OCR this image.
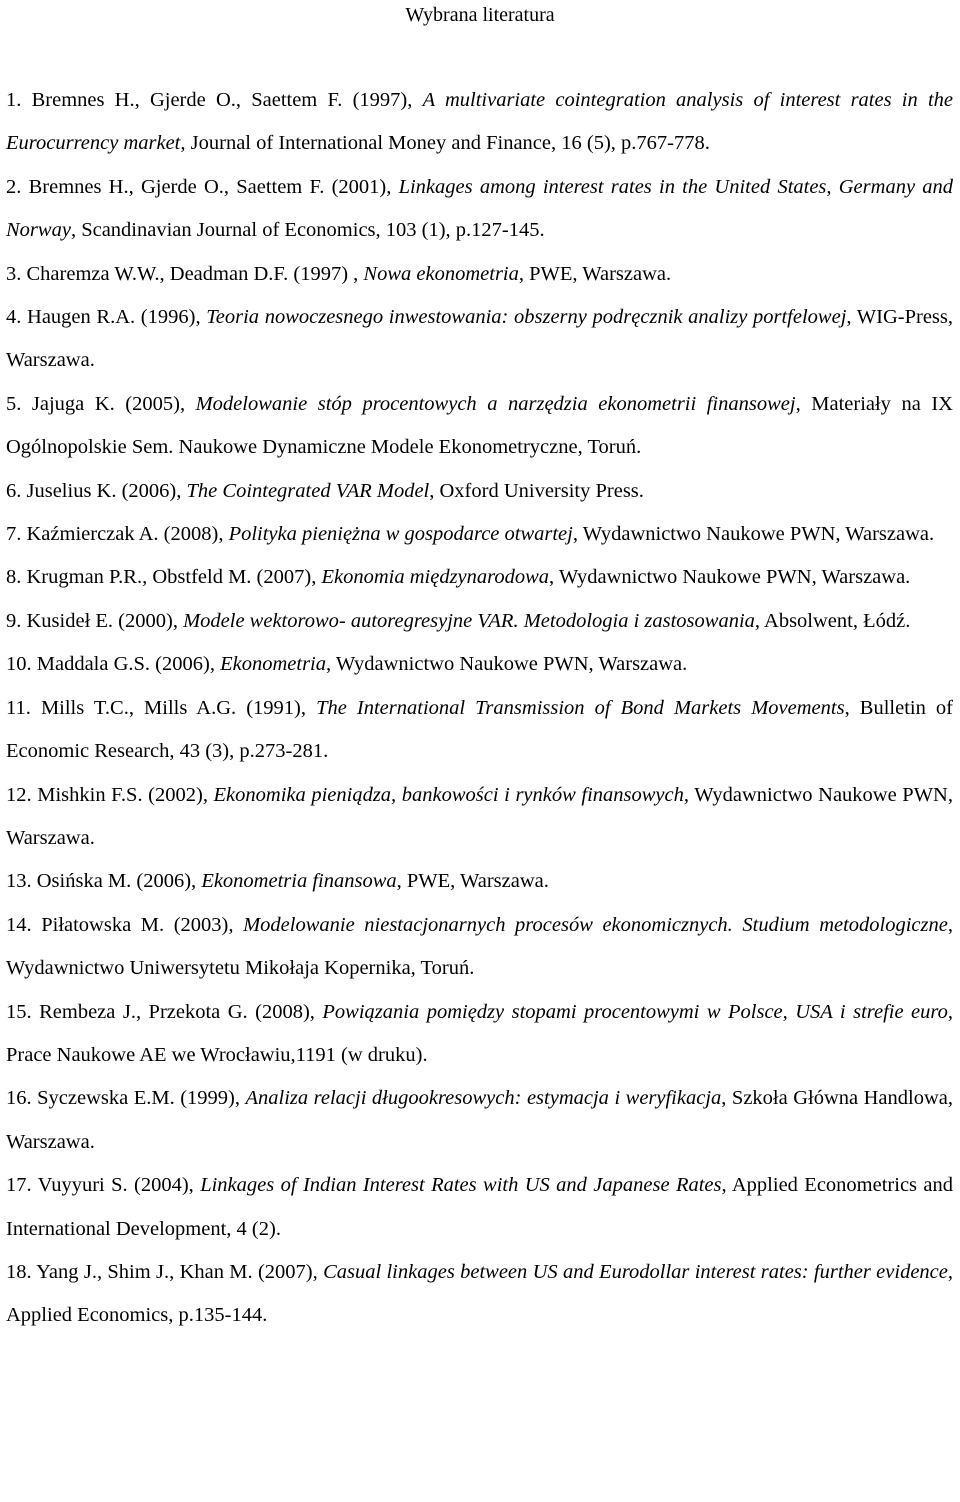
Wybrana literatura

1. Bremnes H., Gjerde O., Saettem F. (1997), A multivariate cointegration analysis of interest rates in the Eurocurrency market, Journal of International Money and Finance, 16 (5), p.767-778.

2. Bremnes H., Gjerde O., Saettem F. (2001), Linkages among interest rates in the United States, Germany and Norway, Scandinavian Journal of Economics, 103 (1), p.127-145.

3. Charemza W.W., Deadman D.F. (1997) , Nowa ekonometria, PWE, Warszawa.

4. Haugen R.A. (1996), Teoria nowoczesnego inwestowania: obszerny podręcznik analizy portfelowej, WIG-Press, Warszawa.

5. Jajuga K. (2005), Modelowanie stóp procentowych a narzędzia ekonometrii finansowej, Materiały na IX Ogólnopolskie Sem. Naukowe Dynamiczne Modele Ekonometryczne, Toruń.

6. Juselius K. (2006), The Cointegrated VAR Model, Oxford University Press.

7. Kaźmierczak A. (2008), Polityka pieniężna w gospodarce otwartej, Wydawnictwo Naukowe PWN, Warszawa.

8. Krugman P.R., Obstfeld M. (2007), Ekonomia międzynarodowa, Wydawnictwo Naukowe PWN, Warszawa.

9. Kusideł E. (2000), Modele wektorowo- autoregresyjne VAR. Metodologia i zastosowania, Absolwent, Łódź.

10. Maddala G.S. (2006), Ekonometria, Wydawnictwo Naukowe PWN, Warszawa.

11. Mills T.C., Mills A.G. (1991), The International Transmission of Bond Markets Movements, Bulletin of Economic Research, 43 (3), p.273-281.

12. Mishkin F.S. (2002), Ekonomika pieniądza, bankowości i rynków finansowych, Wydawnictwo Naukowe PWN, Warszawa.

13. Osińska M. (2006), Ekonometria finansowa, PWE, Warszawa.

14. Piłatowska M. (2003), Modelowanie niestacjonarnych procesów ekonomicznych. Studium metodologiczne, Wydawnictwo Uniwersytetu Mikołaja Kopernika, Toruń.

15. Rembeza J., Przekota G. (2008), Powiązania pomiędzy stopami procentowymi w Polsce, USA i strefie euro, Prace Naukowe AE we Wrocławiu,1191 (w druku).

16. Syczewska E.M. (1999), Analiza relacji długookresowych: estymacja i weryfikacja, Szkoła Główna Handlowa, Warszawa.

17. Vuyyuri S. (2004), Linkages of Indian Interest Rates with US and Japanese Rates, Applied Econometrics and International Development, 4 (2).

18. Yang J., Shim J., Khan M. (2007), Casual linkages between US and Eurodollar interest rates: further evidence, Applied Economics, p.135-144.
